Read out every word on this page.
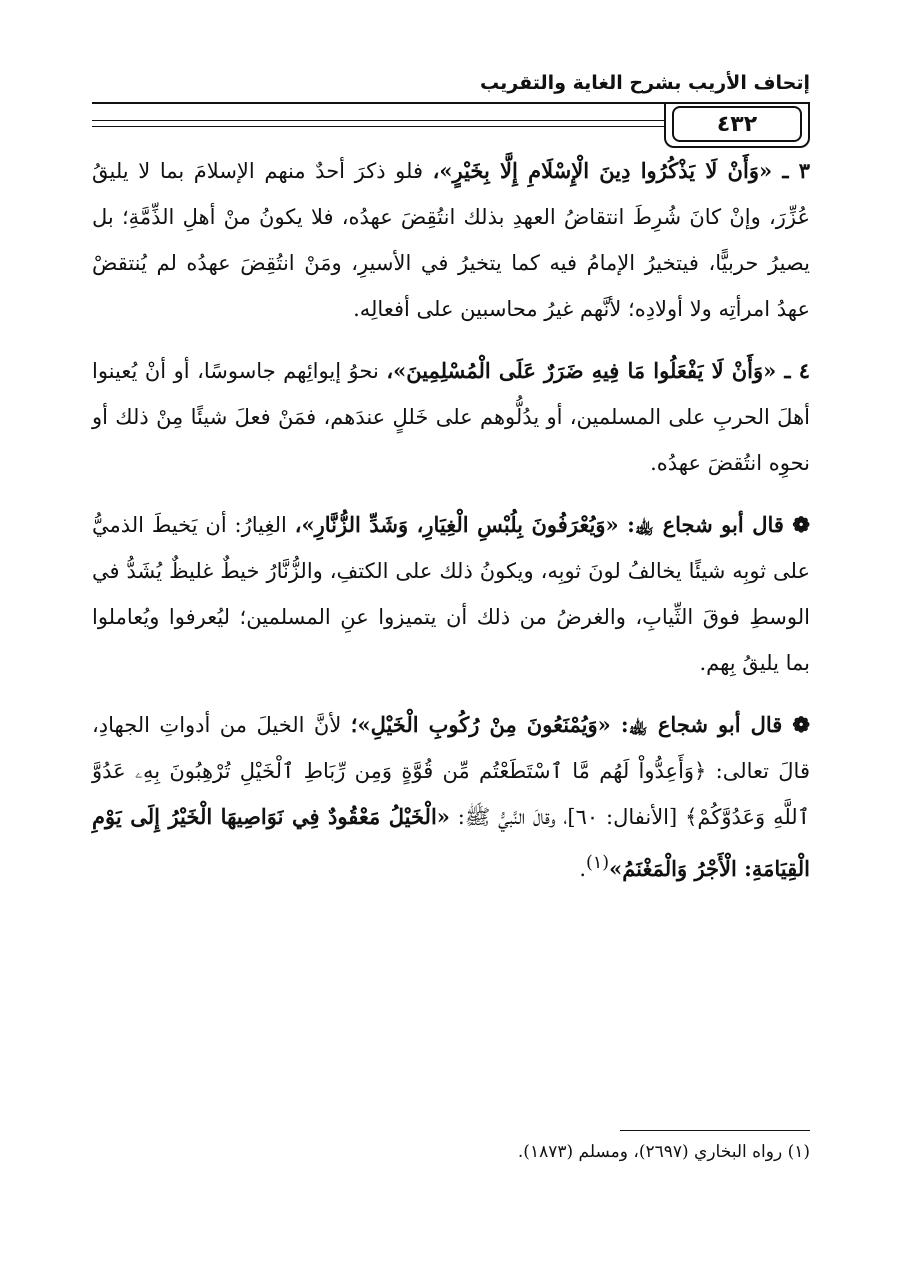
إتحاف الأريب بشرح الغاية والتقريب
٤٣٢

٣ ـ «وَأَنْ لَا يَذْكُرُوا دِينَ الْإِسْلَامِ إِلَّا بِخَيْرٍ»، فلو ذكرَ أحدٌ منهم الإسلامَ بما لا يليقُ عُزِّرَ، وإنْ كانَ شُرِطَ انتقاضُ العهدِ بذلك انتُقِضَ عهدُه، فلا يكونُ منْ أهلِ الذِّمَّةِ؛ بل يصيرُ حربيًّا، فيتخيرُ الإمامُ فيه كما يتخيرُ في الأسيرِ، ومَنْ انتُقِضَ عهدُه لم يُنتقضْ عهدُ امرأتِه ولا أولادِه؛ لأنَّهم غيرُ محاسبين على أفعالِه.

٤ ـ «وَأَنْ لَا يَفْعَلُوا مَا فِيهِ ضَرَرٌ عَلَى الْمُسْلِمِينَ»، نحوُ إيوائِهم جاسوسًا، أو أنْ يُعينوا أهلَ الحربِ على المسلمين، أو يدُلُّوهم على خَللٍ عندَهم، فمَنْ فعلَ شيئًا مِنْ ذلك أو نحوِه انتُقضَ عهدُه.

❁ قال أبو شجاع ﵀: «وَيُعْرَفُونَ بِلُبْسِ الْغِيَارِ، وَشَدِّ الزُّنَّارِ»، الغِيارُ: أن يَخيطَ الذميُّ على ثوبِه شيئًا يخالفُ لونَ ثوبِه، ويكونُ ذلك على الكتفِ، والزُّنَّارُ خيطٌ غليظٌ يُشَدُّ في الوسطِ فوقَ الثِّيابِ، والغرضُ من ذلك أن يتميزوا عنِ المسلمين؛ ليُعرفوا ويُعاملوا بما يليقُ بِهم.

❁ قال أبو شجاع ﵀: «وَيُمْنَعُونَ مِنْ رُكُوبِ الْخَيْلِ»؛ لأنَّ الخيلَ من أدواتِ الجهادِ، قالَ تعالى: ﴿وَأَعِدُّواْ لَهُم مَّا ٱسْتَطَعْتُم مِّن قُوَّةٍ وَمِن رِّبَاطِ ٱلْخَيْلِ تُرْهِبُونَ بِهِۦ عَدُوَّ ٱللَّهِ وَعَدُوَّكُمْ﴾ [الأنفال: ٦٠]، وقالَ النَّبيُّ ﷺ: «الْخَيْلُ مَعْقُودٌ فِي نَوَاصِيهَا الْخَيْرُ إِلَى يَوْمِ الْقِيَامَةِ: الْأَجْرُ وَالْمَغْنَمُ»$^{(١)}$.

(١) رواه البخاري (٢٦٩٧)، ومسلم (١٨٧٣).
